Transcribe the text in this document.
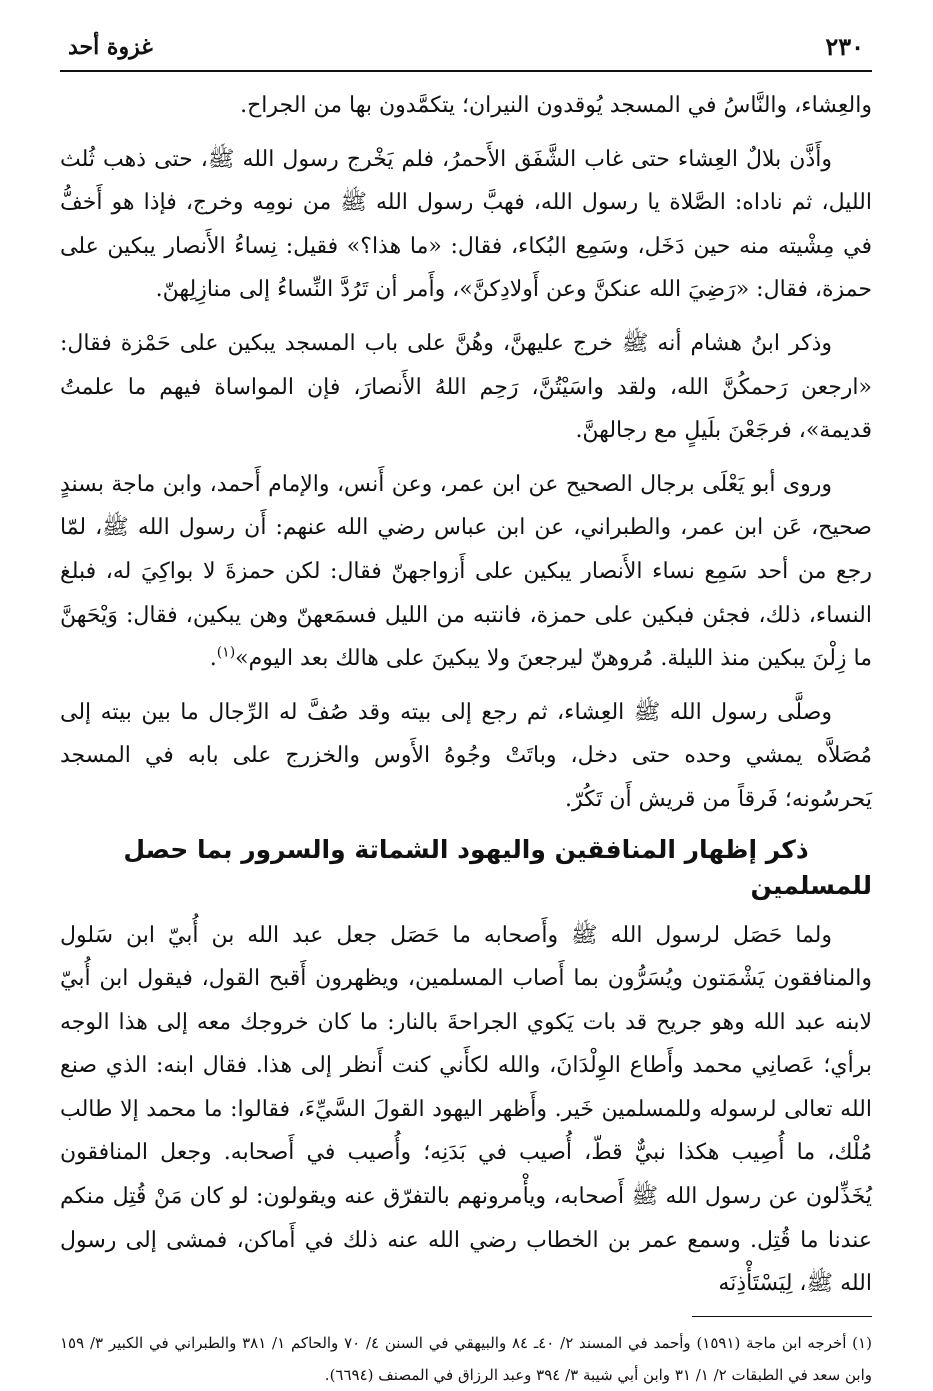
٢٣٠
غزوة أحد

والعِشاء، والنَّاسُ في المسجد يُوقدون النيران؛ يتكمَّدون بها من الجراح.

وأَذَّن بلالٌ العِشاء حتى غاب الشَّفَق الأَحمرُ، فلم يَخْرج رسول الله ﷺ، حتى ذهب ثُلث الليل، ثم ناداه: الصَّلاة يا رسول الله، فهبَّ رسول الله ﷺ من نومِه وخرج، فإذا هو أَخفُّ في مِشْيته منه حين دَخَل، وسَمِع البُكاء، فقال: «ما هذا؟» فقيل: نِساءُ الأَنصار يبكين على حمزة، فقال: «رَضِيَ الله عنكنَّ وعن أَولادِكنَّ»، وأَمر أن تَرُدَّ النِّساءُ إلى منازِلِهنّ.

وذكر ابنُ هشام أنه ﷺ خرج عليهنَّ، وهُنَّ على باب المسجد يبكين على حَمْزة فقال: «ارجعن رَحمكُنَّ الله، ولقد واسَيْتُنَّ، رَحِم اللهُ الأَنصارَ، فإن المواساة فيهم ما علمتُ قديمة»، فرجَعْنَ بلَيلٍ مع رجالهنَّ.

وروى أبو يَعْلَى برجال الصحيح عن ابن عمر، وعن أَنس، والإمام أَحمد، وابن ماجة بسندٍ صحيح، عَن ابن عمر، والطبراني، عن ابن عباس رضي الله عنهم: أَن رسول الله ﷺ، لمّا رجع من أحد سَمِع نساء الأَنصار يبكين على أَزواجهنّ فقال: لكن حمزةَ لا بواكِيَ له، فبلغ النساء، ذلك، فجئن فبكين على حمزة، فانتبه من الليل فسمَعهنّ وهن يبكين، فقال: وَيْحَهنَّ ما زِلْنَ يبكين منذ الليلة. مُروهنّ ليرجعنَ ولا يبكينَ على هالك بعد اليوم»$^{(١)}$.

وصلَّى رسول الله ﷺ العِشاء، ثم رجع إلى بيته وقد صُفَّ له الرِّجال ما بين بيته إلى مُصَلاَّه يمشي وحده حتى دخل، وباتَتْ وجُوهُ الأَوس والخزرج على بابه في المسجد يَحرسُونه؛ فَرقاً من قريش أَن تَكُرّ.

ذكر إظهار المنافقين واليهود الشماتة والسرور بما حصل للمسلمين

ولما حَصَل لرسول الله ﷺ وأَصحابه ما حَصَل جعل عبد الله بن أُبيّ ابن سَلول والمنافقون يَشْمَتون ويُسَرُّون بما أَصاب المسلمين، ويظهرون أَقبح القول، فيقول ابن أُبيّ لابنه عبد الله وهو جريح قد بات يَكوي الجراحةَ بالنار: ما كان خروجك معه إلى هذا الوجه برأي؛ عَصانِي محمد وأَطاع الوِلْدَانَ، والله لكأَني كنت أَنظر إلى هذا. فقال ابنه: الذي صنع الله تعالى لرسوله وللمسلمين خَير. وأَظهر اليهود القولَ السَّيِّءَ، فقالوا: ما محمد إلا طالب مُلْك، ما أُصِيب هكذا نبيٌّ قطّ، أُصيب في بَدَنِه؛ وأُصيب في أَصحابه. وجعل المنافقون يُخَذِّلون عن رسول الله ﷺ أَصحابه، ويأْمرونهم بالتفرّق عنه ويقولون: لو كان مَنْ قُتِل منكم عندنا ما قُتِل. وسمع عمر بن الخطاب رضي الله عنه ذلك في أَماكن، فمشى إلى رسول الله ﷺ، لِيَسْتَأْذِنَه

(١) أخرجه ابن ماجة (١٥٩١) وأحمد في المسند ٢/ ٤٠ـ ٨٤ والبيهقي في السنن ٤/ ٧٠ والحاكم ١/ ٣٨١ والطبراني في الكبير ٣/ ١٥٩ وابن سعد في الطبقات ٢/ ١/ ٣١ وابن أبي شيبة ٣/ ٣٩٤ وعبد الرزاق في المصنف (٦٦٩٤).
